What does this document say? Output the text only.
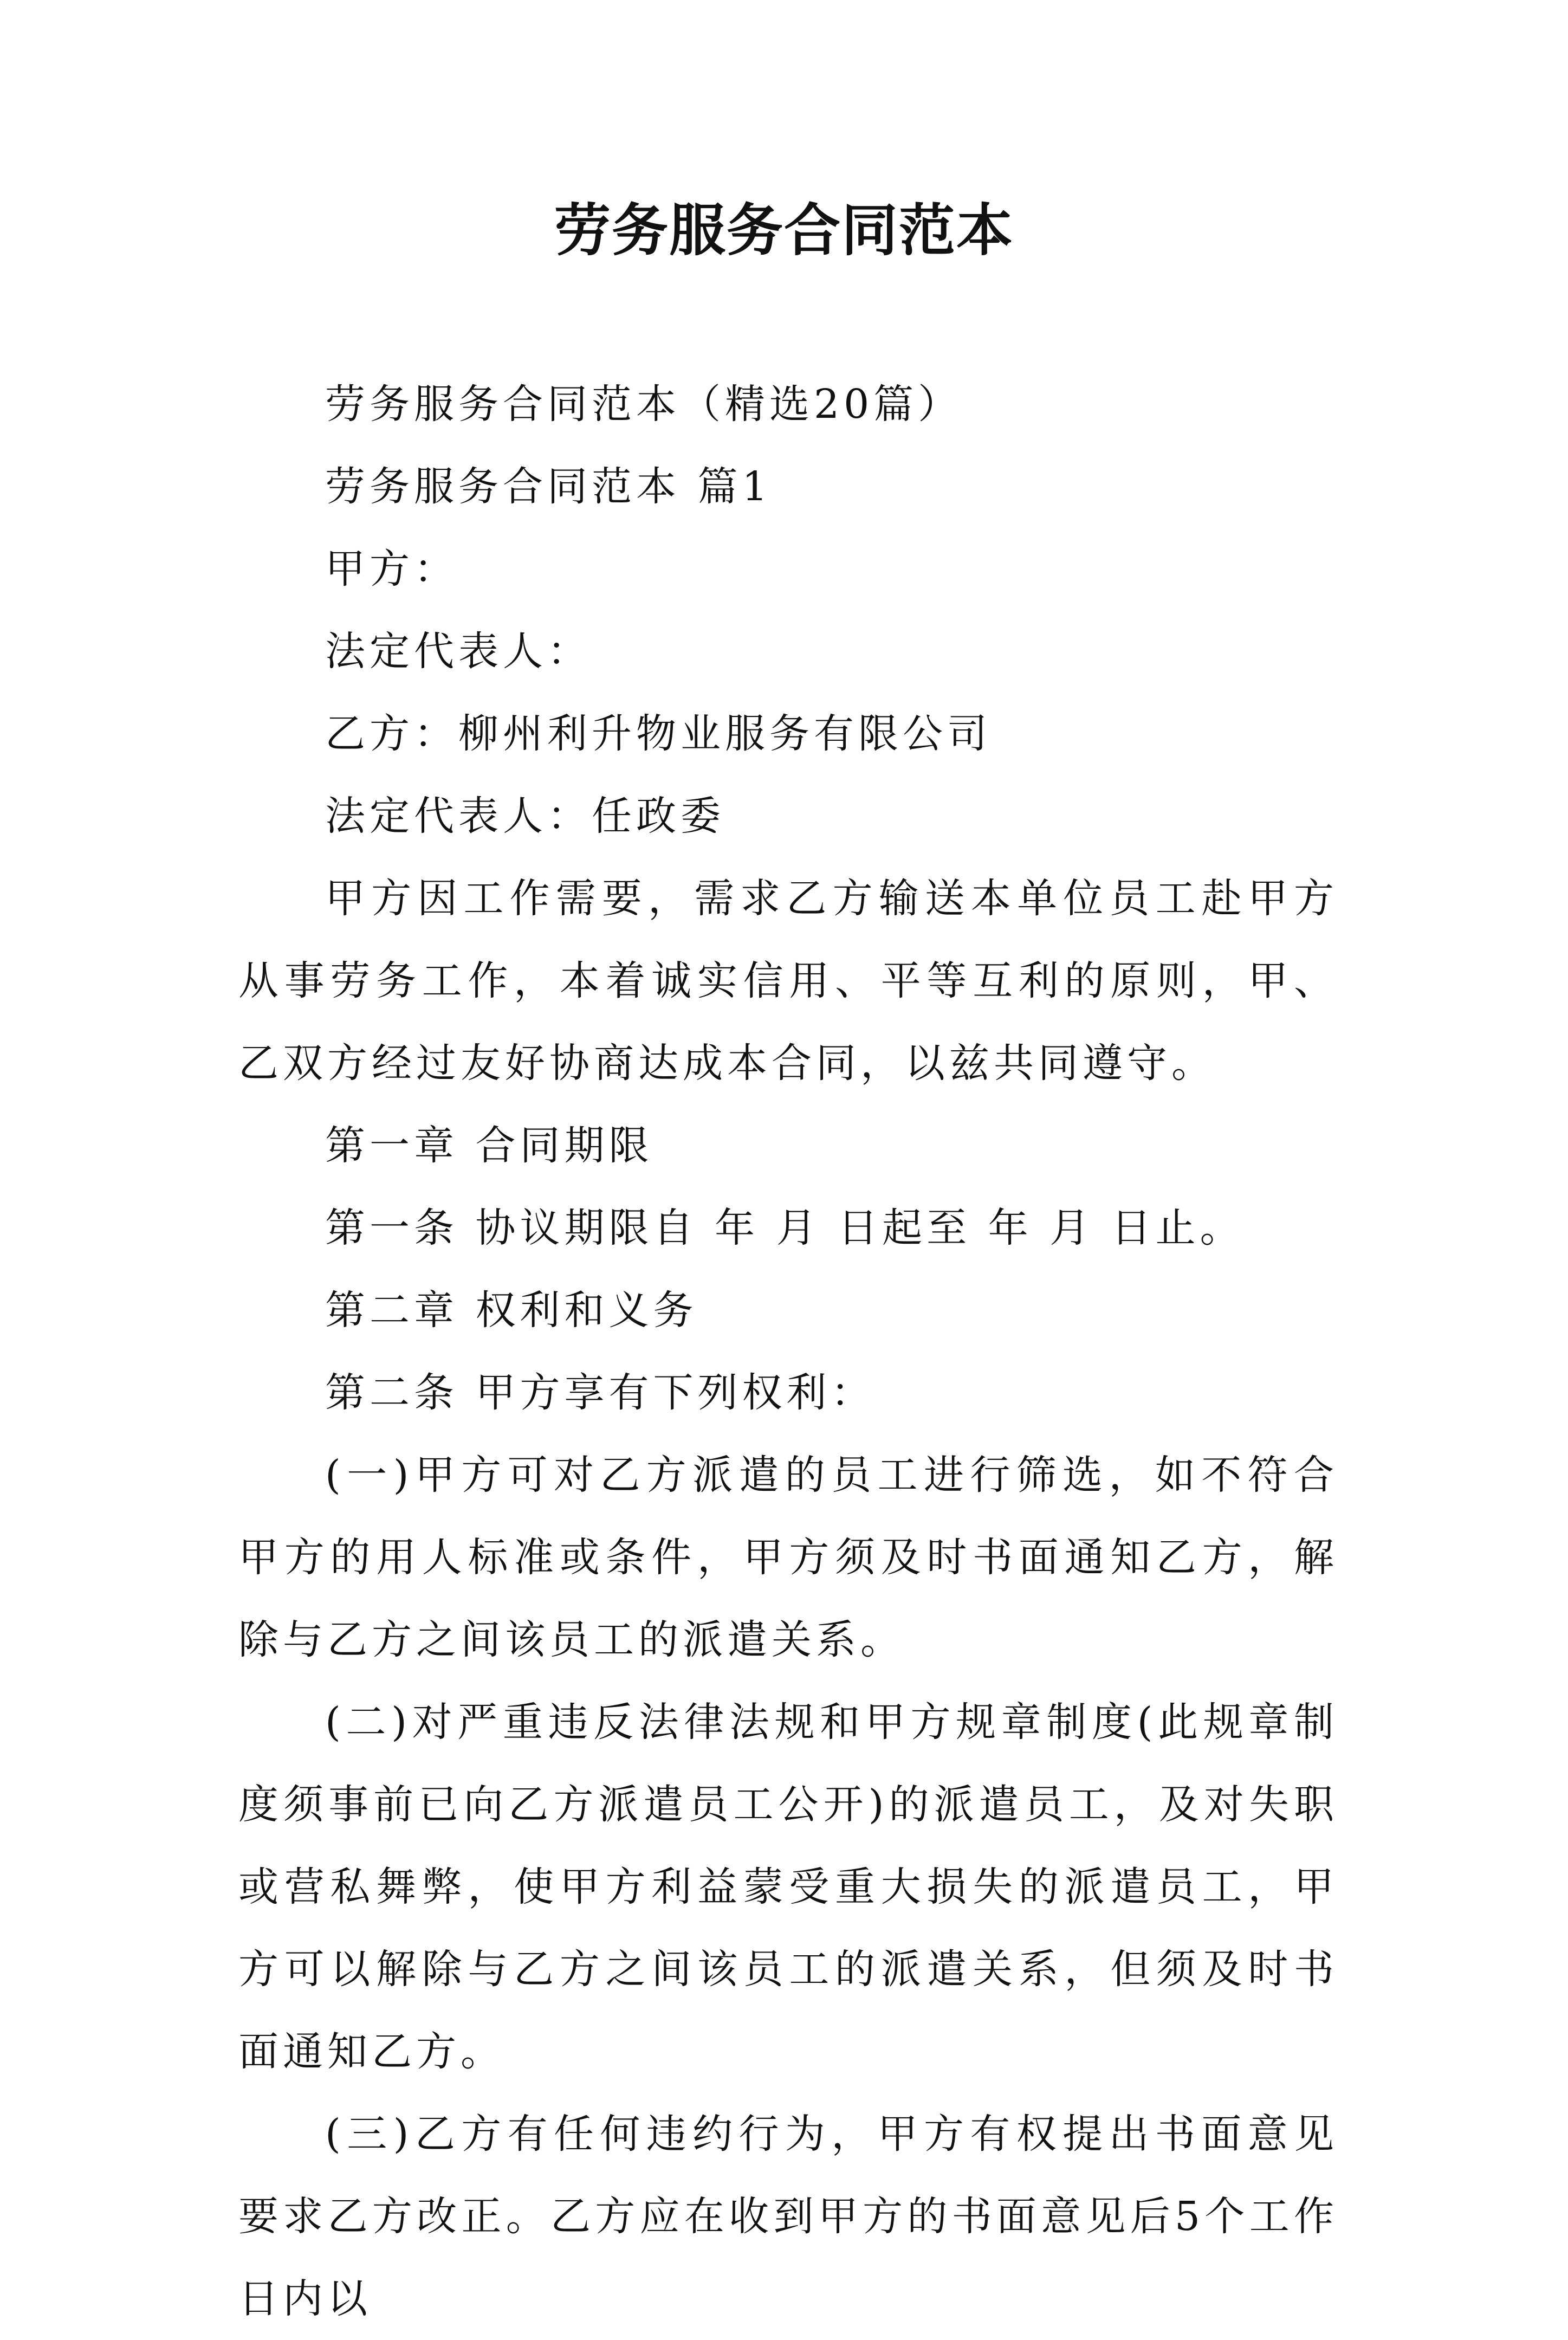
劳务服务合同范本

劳务服务合同范本（精选20篇）

劳务服务合同范本 篇1

甲方：

法定代表人：

乙方：柳州利升物业服务有限公司

法定代表人：任政委

甲方因工作需要，需求乙方输送本单位员工赴甲方从事劳务工作，本着诚实信用、平等互利的原则，甲、乙双方经过友好协商达成本合同，以兹共同遵守。

第一章 合同期限

第一条 协议期限自 年 月 日起至 年 月 日止。

第二章 权利和义务

第二条 甲方享有下列权利：

(一)甲方可对乙方派遣的员工进行筛选，如不符合甲方的用人标准或条件，甲方须及时书面通知乙方，解除与乙方之间该员工的派遣关系。

(二)对严重违反法律法规和甲方规章制度(此规章制度须事前已向乙方派遣员工公开)的派遣员工，及对失职或营私舞弊，使甲方利益蒙受重大损失的派遣员工，甲方可以解除与乙方之间该员工的派遣关系，但须及时书面通知乙方。

(三)乙方有任何违约行为，甲方有权提出书面意见要求乙方改正。乙方应在收到甲方的书面意见后5个工作日内以
